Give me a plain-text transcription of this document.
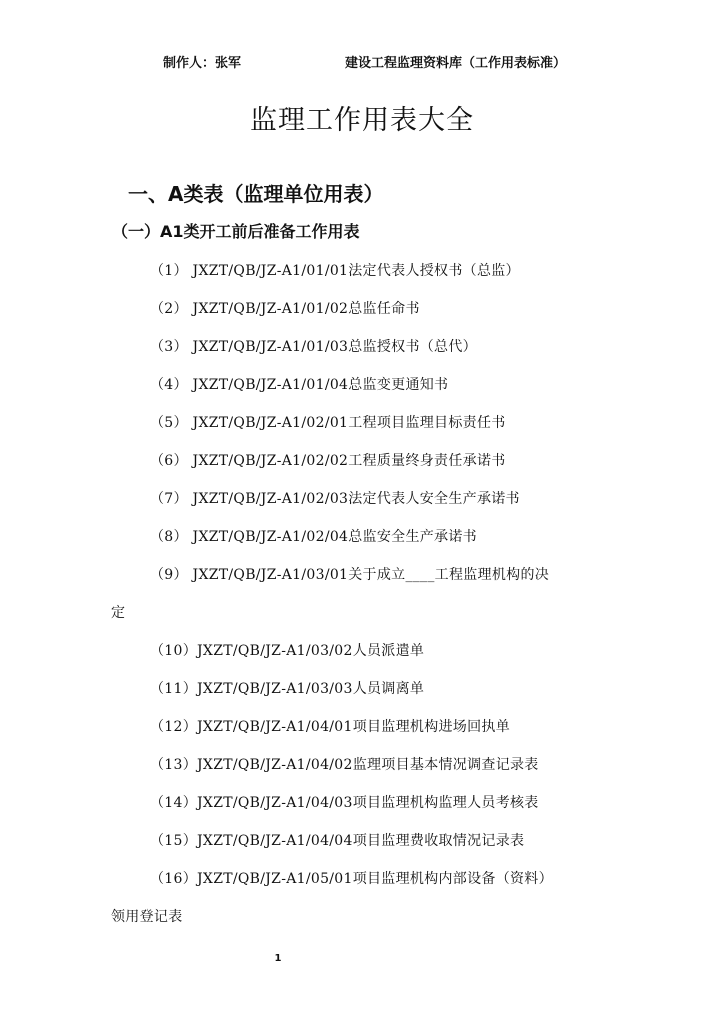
制作人：张军	建设工程监理资料库（工作用表标准）
监理工作用表大全
一、A类表（监理单位用表）
（一）A1类开工前后准备工作用表
（1） JXZT/QB/JZ-A1/01/01法定代表人授权书（总监）
（2） JXZT/QB/JZ-A1/01/02总监任命书
（3） JXZT/QB/JZ-A1/01/03总监授权书（总代）
（4） JXZT/QB/JZ-A1/01/04总监变更通知书
（5） JXZT/QB/JZ-A1/02/01工程项目监理目标责任书
（6） JXZT/QB/JZ-A1/02/02工程质量终身责任承诺书
（7） JXZT/QB/JZ-A1/02/03法定代表人安全生产承诺书
（8） JXZT/QB/JZ-A1/02/04总监安全生产承诺书
（9） JXZT/QB/JZ-A1/03/01关于成立____工程监理机构的决
定
（10）JXZT/QB/JZ-A1/03/02人员派遣单
（11）JXZT/QB/JZ-A1/03/03人员调离单
（12）JXZT/QB/JZ-A1/04/01项目监理机构进场回执单
（13）JXZT/QB/JZ-A1/04/02监理项目基本情况调查记录表
（14）JXZT/QB/JZ-A1/04/03项目监理机构监理人员考核表
（15）JXZT/QB/JZ-A1/04/04项目监理费收取情况记录表
（16）JXZT/QB/JZ-A1/05/01项目监理机构内部设备（资料）
领用登记表
1
